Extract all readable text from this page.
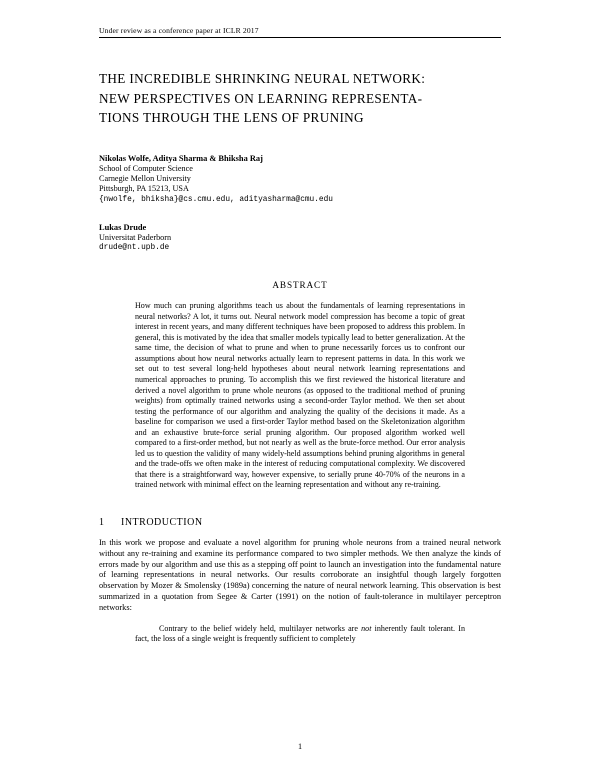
Under review as a conference paper at ICLR 2017
THE INCREDIBLE SHRINKING NEURAL NETWORK:
NEW PERSPECTIVES ON LEARNING REPRESENTA-
TIONS THROUGH THE LENS OF PRUNING
Nikolas Wolfe, Aditya Sharma & Bhiksha Raj
School of Computer Science
Carnegie Mellon University
Pittsburgh, PA 15213, USA
{nwolfe, bhiksha}@cs.cmu.edu, adityasharma@cmu.edu
Lukas Drude
Universitat Paderborn
drude@nt.upb.de
ABSTRACT
How much can pruning algorithms teach us about the fundamentals of learning representations in neural networks? A lot, it turns out. Neural network model compression has become a topic of great interest in recent years, and many different techniques have been proposed to address this problem. In general, this is motivated by the idea that smaller models typically lead to better generalization. At the same time, the decision of what to prune and when to prune necessarily forces us to confront our assumptions about how neural networks actually learn to represent patterns in data. In this work we set out to test several long-held hypotheses about neural network learning representations and numerical approaches to pruning. To accomplish this we first reviewed the historical literature and derived a novel algorithm to prune whole neurons (as opposed to the traditional method of pruning weights) from optimally trained networks using a second-order Taylor method. We then set about testing the performance of our algorithm and analyzing the quality of the decisions it made. As a baseline for comparison we used a first-order Taylor method based on the Skeletonization algorithm and an exhaustive brute-force serial pruning algorithm. Our proposed algorithm worked well compared to a first-order method, but not nearly as well as the brute-force method. Our error analysis led us to question the validity of many widely-held assumptions behind pruning algorithms in general and the trade-offs we often make in the interest of reducing computational complexity. We discovered that there is a straightforward way, however expensive, to serially prune 40-70% of the neurons in a trained network with minimal effect on the learning representation and without any re-training.
1 INTRODUCTION
In this work we propose and evaluate a novel algorithm for pruning whole neurons from a trained neural network without any re-training and examine its performance compared to two simpler methods. We then analyze the kinds of errors made by our algorithm and use this as a stepping off point to launch an investigation into the fundamental nature of learning representations in neural networks. Our results corroborate an insightful though largely forgotten observation by Mozer & Smolensky (1989a) concerning the nature of neural network learning. This observation is best summarized in a quotation from Segee & Carter (1991) on the notion of fault-tolerance in multilayer perceptron networks:
Contrary to the belief widely held, multilayer networks are not inherently fault tolerant. In fact, the loss of a single weight is frequently sufficient to completely
1
